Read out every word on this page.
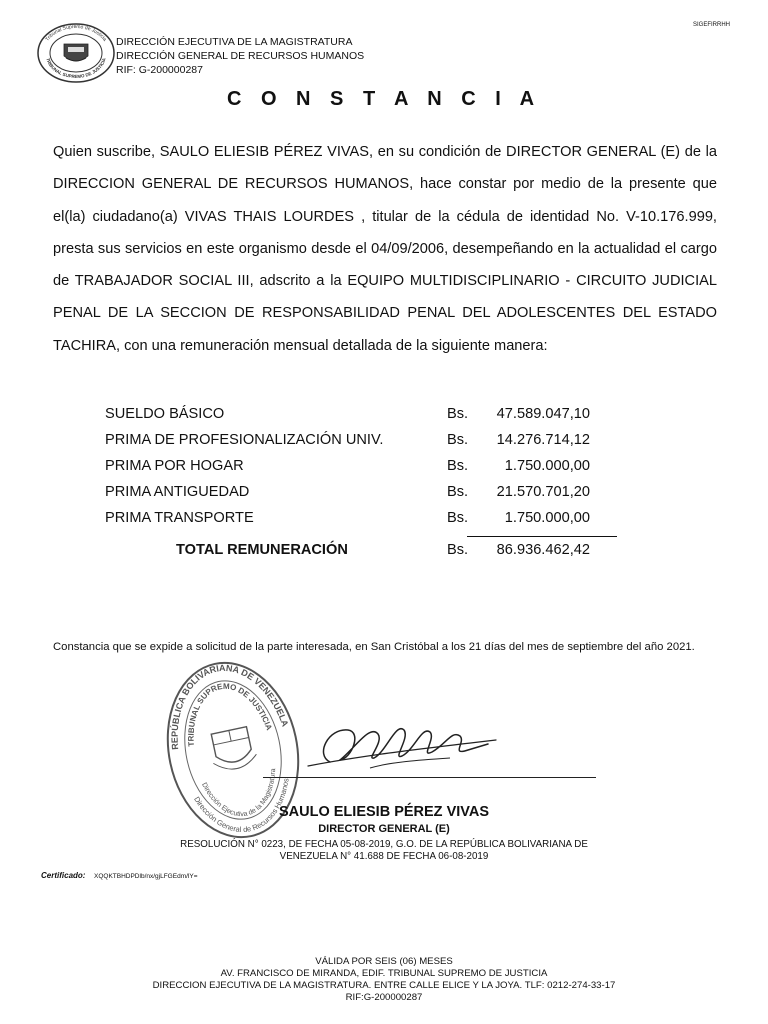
SIGEFIRRHH
Tribunal Supremo de Justicia
TRIBUNAL SUPREMO DE JUSTICIA
DIRECCIÓN EJECUTIVA DE LA MAGISTRATURA
DIRECCIÓN GENERAL DE RECURSOS HUMANOS
RIF: G-200000287
C O N S T A N C I A
Quien suscribe, SAULO ELIESIB PÉREZ VIVAS, en su condición de DIRECTOR GENERAL (E) de la DIRECCION GENERAL DE RECURSOS HUMANOS, hace constar por medio de la presente que el(la) ciudadano(a) VIVAS THAIS LOURDES , titular de la cédula de identidad No. V-10.176.999, presta sus servicios en este organismo desde el 04/09/2006, desempeñando en la actualidad el cargo de TRABAJADOR SOCIAL III, adscrito a la EQUIPO MULTIDISCIPLINARIO - CIRCUITO JUDICIAL PENAL DE LA SECCION DE RESPONSABILIDAD PENAL DEL ADOLESCENTES DEL ESTADO TACHIRA, con una remuneración mensual detallada de la siguiente manera:
SUELDO BÁSICO	Bs. 47.589.047,10
PRIMA DE PROFESIONALIZACIÓN UNIV.	Bs. 14.276.714,12
PRIMA POR HOGAR	Bs.	1.750.000,00
PRIMA ANTIGUEDAD	Bs. 21.570.701,20
PRIMA TRANSPORTE	Bs.	1.750.000,00
TOTAL REMUNERACIÓN	Bs. 86.936.462,42
Constancia que se expide a solicitud de la parte interesada, en San Cristóbal a los 21 días del mes de septiembre del año 2021.
REPÚBLICA BOLIVARIANA DE VENEZUELA
TRIBUNAL SUPREMO DE JUSTICIA
Dirección General de Recursos Humanos
Dirección Ejecutiva de la Magistratura
SAULO ELIESIB PÉREZ VIVAS
DIRECTOR GENERAL (E)
RESOLUCIÓN N° 0223, DE FECHA 05-08-2019, G.O. DE LA REPÚBLICA BOLIVARIANA DE
VENEZUELA N° 41.688 DE FECHA 06-08-2019
Certificado: XQQKTBHDPDlb/nx/gjLFGEdm/lY=
VÁLIDA POR SEIS (06) MESES
AV. FRANCISCO DE MIRANDA, EDIF. TRIBUNAL SUPREMO DE JUSTICIA
DIRECCION EJECUTIVA DE LA MAGISTRATURA. ENTRE CALLE ELICE Y LA JOYA. TLF: 0212-274-33-17
RIF:G-200000287
